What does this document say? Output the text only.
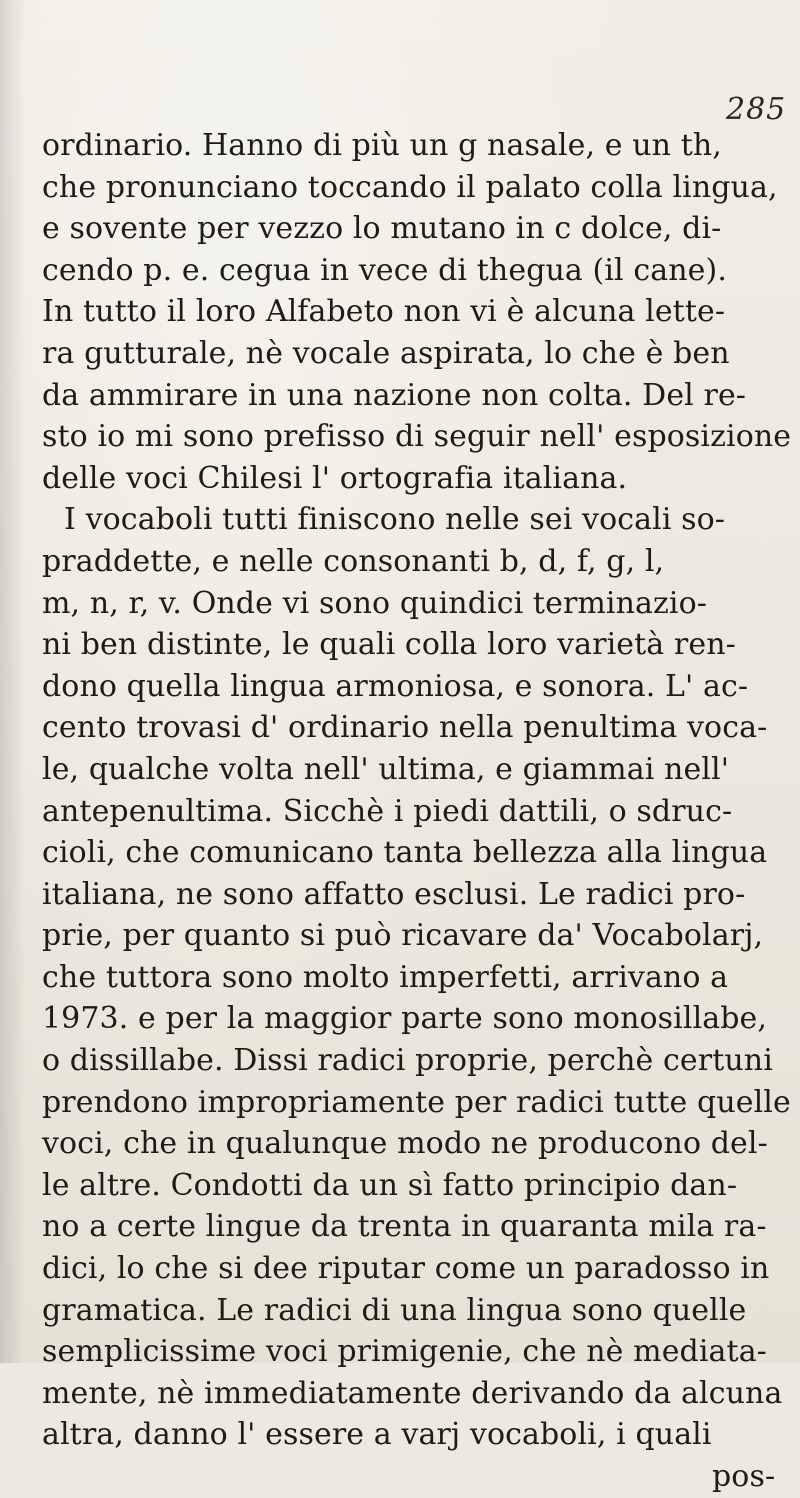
285
ordinario. Hanno di più un g nasale, e un th,
che pronunciano toccando il palato colla lingua,
e sovente per vezzo lo mutano in c dolce, di-
cendo p. e. cegua in vece di thegua (il cane).
In tutto il loro Alfabeto non vi è alcuna lette-
ra gutturale, nè vocale aspirata, lo che è ben
da ammirare in una nazione non colta. Del re-
sto io mi sono prefisso di seguir nell' esposizione
delle voci Chilesi l' ortografia italiana.
I vocaboli tutti finiscono nelle sei vocali so-
praddette, e nelle consonanti b, d, f, g, l,
m, n, r, v. Onde vi sono quindici terminazio-
ni ben distinte, le quali colla loro varietà ren-
dono quella lingua armoniosa, e sonora. L' ac-
cento trovasi d' ordinario nella penultima voca-
le, qualche volta nell' ultima, e giammai nell'
antepenultima. Sicchè i piedi dattili, o sdruc-
cioli, che comunicano tanta bellezza alla lingua
italiana, ne sono affatto esclusi. Le radici pro-
prie, per quanto si può ricavare da' Vocabolarj,
che tuttora sono molto imperfetti, arrivano a
1973. e per la maggior parte sono monosillabe,
o dissillabe. Dissi radici proprie, perchè certuni
prendono impropriamente per radici tutte quelle
voci, che in qualunque modo ne producono del-
le altre. Condotti da un sì fatto principio dan-
no a certe lingue da trenta in quaranta mila ra-
dici, lo che si dee riputar come un paradosso in
gramatica. Le radici di una lingua sono quelle
semplicissime voci primigenie, che nè mediata-
mente, nè immediatamente derivando da alcuna
altra, danno l' essere a varj vocaboli, i quali
pos-
